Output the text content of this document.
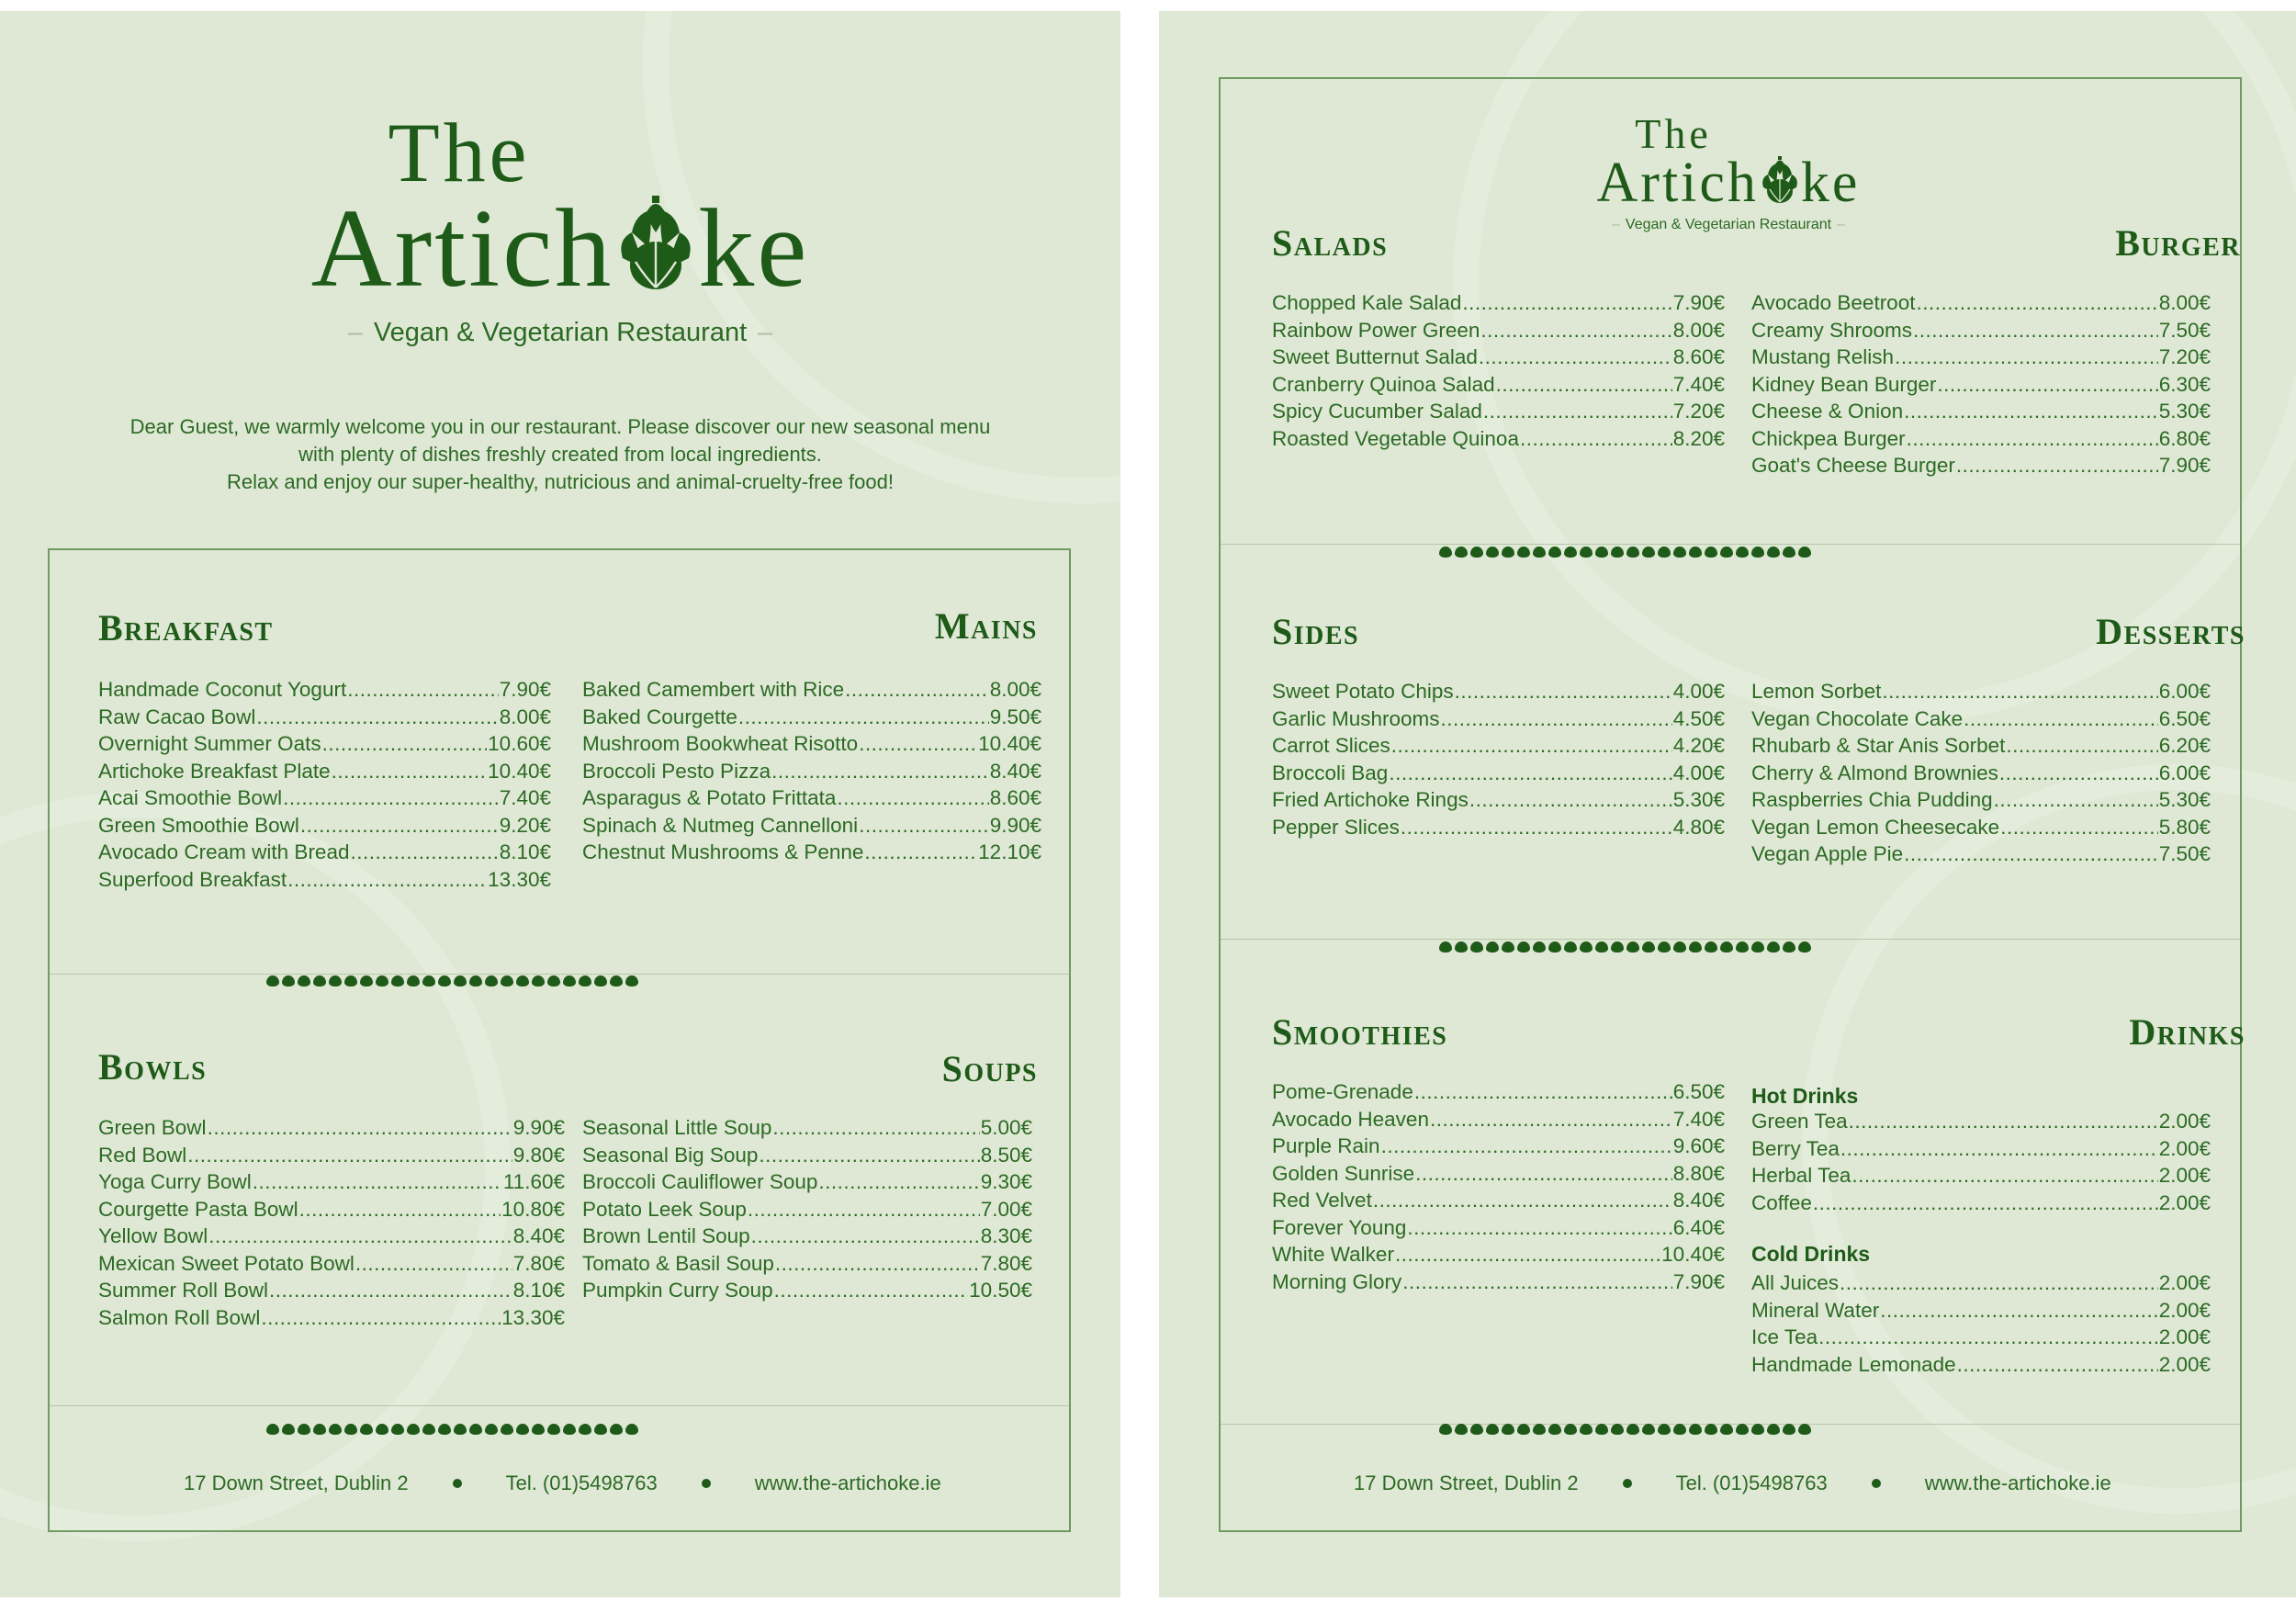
The
Artich ke
– Vegan & Vegetarian Restaurant –
Dear Guest, we warmly welcome you in our restaurant. Please discover our new seasonal menu
with plenty of dishes freshly created from local ingredients.
Relax and enjoy our super-healthy, nutricious and animal-cruelty-free food!
Breakfast	Mains
Handmade Coconut Yogurt .....	7.90€
Raw Cacao Bowl .....	8.00€
Overnight Summer Oats .....	10.60€
Artichoke Breakfast Plate .....	10.40€
Acai Smoothie Bowl .....	7.40€
Green Smoothie Bowl .....	9.20€
Avocado Cream with Bread .....	8.10€
Superfood Breakfast .....	13.30€
Baked Camembert with Rice .....	8.00€
Baked Courgette .....	9.50€
Mushroom Bookwheat Risotto .....	10.40€
Broccoli Pesto Pizza .....	8.40€
Asparagus & Potato Frittata .....	8.60€
Spinach & Nutmeg Cannelloni .....	9.90€
Chestnut Mushrooms & Penne .....	12.10€
Bowls	Soups
Green Bowl .....	9.90€
Red Bowl .....	9.80€
Yoga Curry Bowl .....	11.60€
Courgette Pasta Bowl .....	10.80€
Yellow Bowl .....	8.40€
Mexican Sweet Potato Bowl .....	7.80€
Summer Roll Bowl .....	8.10€
Salmon Roll Bowl .....	13.30€
Seasonal Little Soup .....	5.00€
Seasonal Big Soup .....	8.50€
Broccoli Cauliflower Soup .....	9.30€
Potato Leek Soup .....	7.00€
Brown Lentil Soup .....	8.30€
Tomato & Basil Soup .....	7.80€
Pumpkin Curry Soup .....	10.50€
17 Down Street, Dublin 2	Tel. (01)5498763	www.the-artichoke.ie
The
Artich ke
– Vegan & Vegetarian Restaurant –
Salads	Burger
Chopped Kale Salad .....	7.90€
Rainbow Power Green .....	8.00€
Sweet Butternut Salad .....	8.60€
Cranberry Quinoa Salad .....	7.40€
Spicy Cucumber Salad .....	7.20€
Roasted Vegetable Quinoa .....	8.20€
Avocado Beetroot .....	8.00€
Creamy Shrooms .....	7.50€
Mustang Relish .....	7.20€
Kidney Bean Burger .....	6.30€
Cheese & Onion .....	5.30€
Chickpea Burger .....	6.80€
Goat's Cheese Burger .....	7.90€
Sides	Desserts
Sweet Potato Chips .....	4.00€
Garlic Mushrooms .....	4.50€
Carrot Slices .....	4.20€
Broccoli Bag .....	4.00€
Fried Artichoke Rings .....	5.30€
Pepper Slices .....	4.80€
Lemon Sorbet .....	6.00€
Vegan Chocolate Cake .....	6.50€
Rhubarb & Star Anis Sorbet .....	6.20€
Cherry & Almond Brownies .....	6.00€
Raspberries Chia Pudding .....	5.30€
Vegan Lemon Cheesecake .....	5.80€
Vegan Apple Pie .....	7.50€
Smoothies	Drinks
Pome-Grenade .....	6.50€
Avocado Heaven .....	7.40€
Purple Rain .....	9.60€
Golden Sunrise .....	8.80€
Red Velvet .....	8.40€
Forever Young .....	6.40€
White Walker .....	10.40€
Morning Glory .....	7.90€
Hot Drinks
Green Tea .....	2.00€
Berry Tea .....	2.00€
Herbal Tea .....	2.00€
Coffee .....	2.00€
Cold Drinks
All Juices .....	2.00€
Mineral Water .....	2.00€
Ice Tea .....	2.00€
Handmade Lemonade .....	2.00€
17 Down Street, Dublin 2	Tel. (01)5498763	www.the-artichoke.ie
